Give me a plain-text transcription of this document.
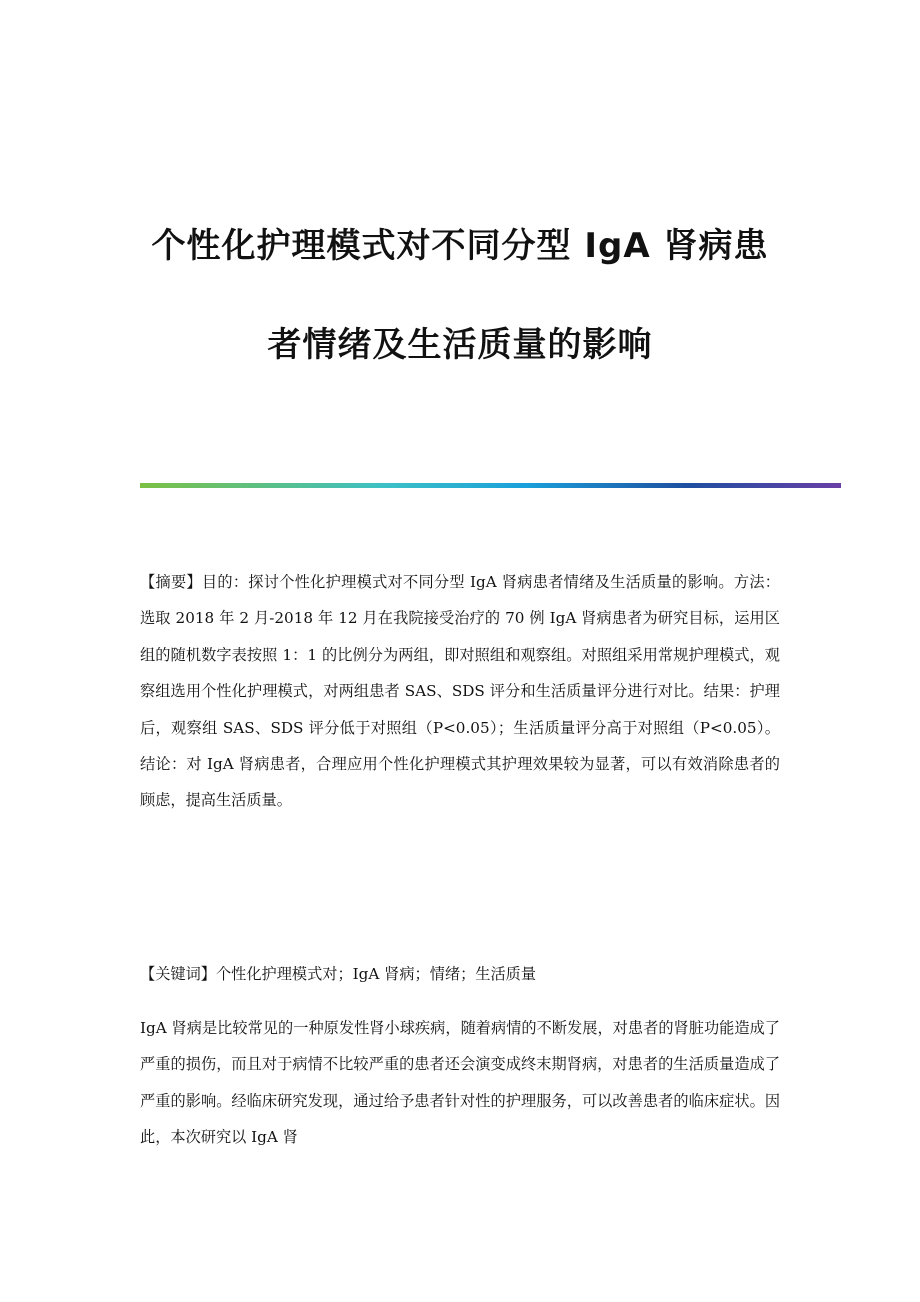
个性化护理模式对不同分型 IgA 肾病患
者情绪及生活质量的影响
【摘要】目的：探讨个性化护理模式对不同分型 IgA 肾病患者情绪及生活质量的影响。方法：选取 2018 年 2 月-2018 年 12 月在我院接受治疗的 70 例 IgA 肾病患者为研究目标，运用区组的随机数字表按照 1：1 的比例分为两组，即对照组和观察组。对照组采用常规护理模式，观察组选用个性化护理模式，对两组患者 SAS、SDS 评分和生活质量评分进行对比。结果：护理后，观察组 SAS、SDS 评分低于对照组（P<0.05）；生活质量评分高于对照组（P<0.05）。结论：对 IgA 肾病患者，合理应用个性化护理模式其护理效果较为显著，可以有效消除患者的顾虑，提高生活质量。
【关键词】个性化护理模式对；IgA 肾病；情绪；生活质量
IgA 肾病是比较常见的一种原发性肾小球疾病，随着病情的不断发展，对患者的肾脏功能造成了严重的损伤，而且对于病情不比较严重的患者还会演变成终末期肾病，对患者的生活质量造成了严重的影响。经临床研究发现，通过给予患者针对性的护理服务，可以改善患者的临床症状。因此，本次研究以 IgA 肾
